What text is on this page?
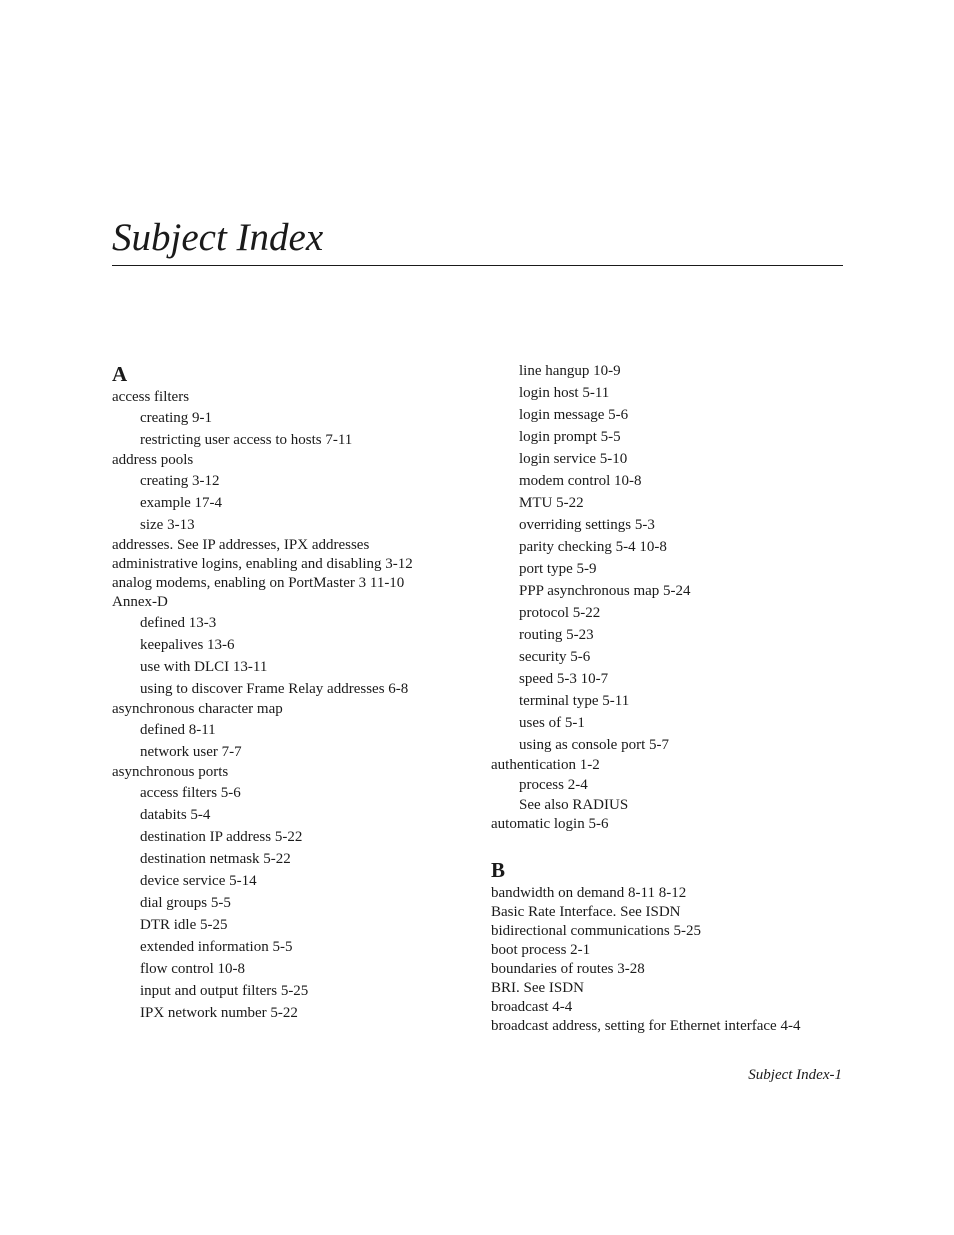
Subject Index
A
access filters
creating 9-1
restricting user access to hosts 7-11
address pools
creating 3-12
example 17-4
size 3-13
addresses. See IP addresses, IPX addresses
administrative logins, enabling and disabling 3-12
analog modems, enabling on PortMaster 3 11-10
Annex-D
defined 13-3
keepalives 13-6
use with DLCI 13-11
using to discover Frame Relay addresses 6-8
asynchronous character map
defined 8-11
network user 7-7
asynchronous ports
access filters 5-6
databits 5-4
destination IP address 5-22
destination netmask 5-22
device service 5-14
dial groups 5-5
DTR idle 5-25
extended information 5-5
flow control 10-8
input and output filters 5-25
IPX network number 5-22
line hangup 10-9
login host 5-11
login message 5-6
login prompt 5-5
login service 5-10
modem control 10-8
MTU 5-22
overriding settings 5-3
parity checking 5-4 10-8
port type 5-9
PPP asynchronous map 5-24
protocol 5-22
routing 5-23
security 5-6
speed 5-3 10-7
terminal type 5-11
uses of 5-1
using as console port 5-7
authentication 1-2
process 2-4
See also RADIUS
automatic login 5-6
B
bandwidth on demand 8-11 8-12
Basic Rate Interface. See ISDN
bidirectional communications 5-25
boot process 2-1
boundaries of routes 3-28
BRI. See ISDN
broadcast 4-4
broadcast address, setting for Ethernet interface 4-4
Subject Index-1
